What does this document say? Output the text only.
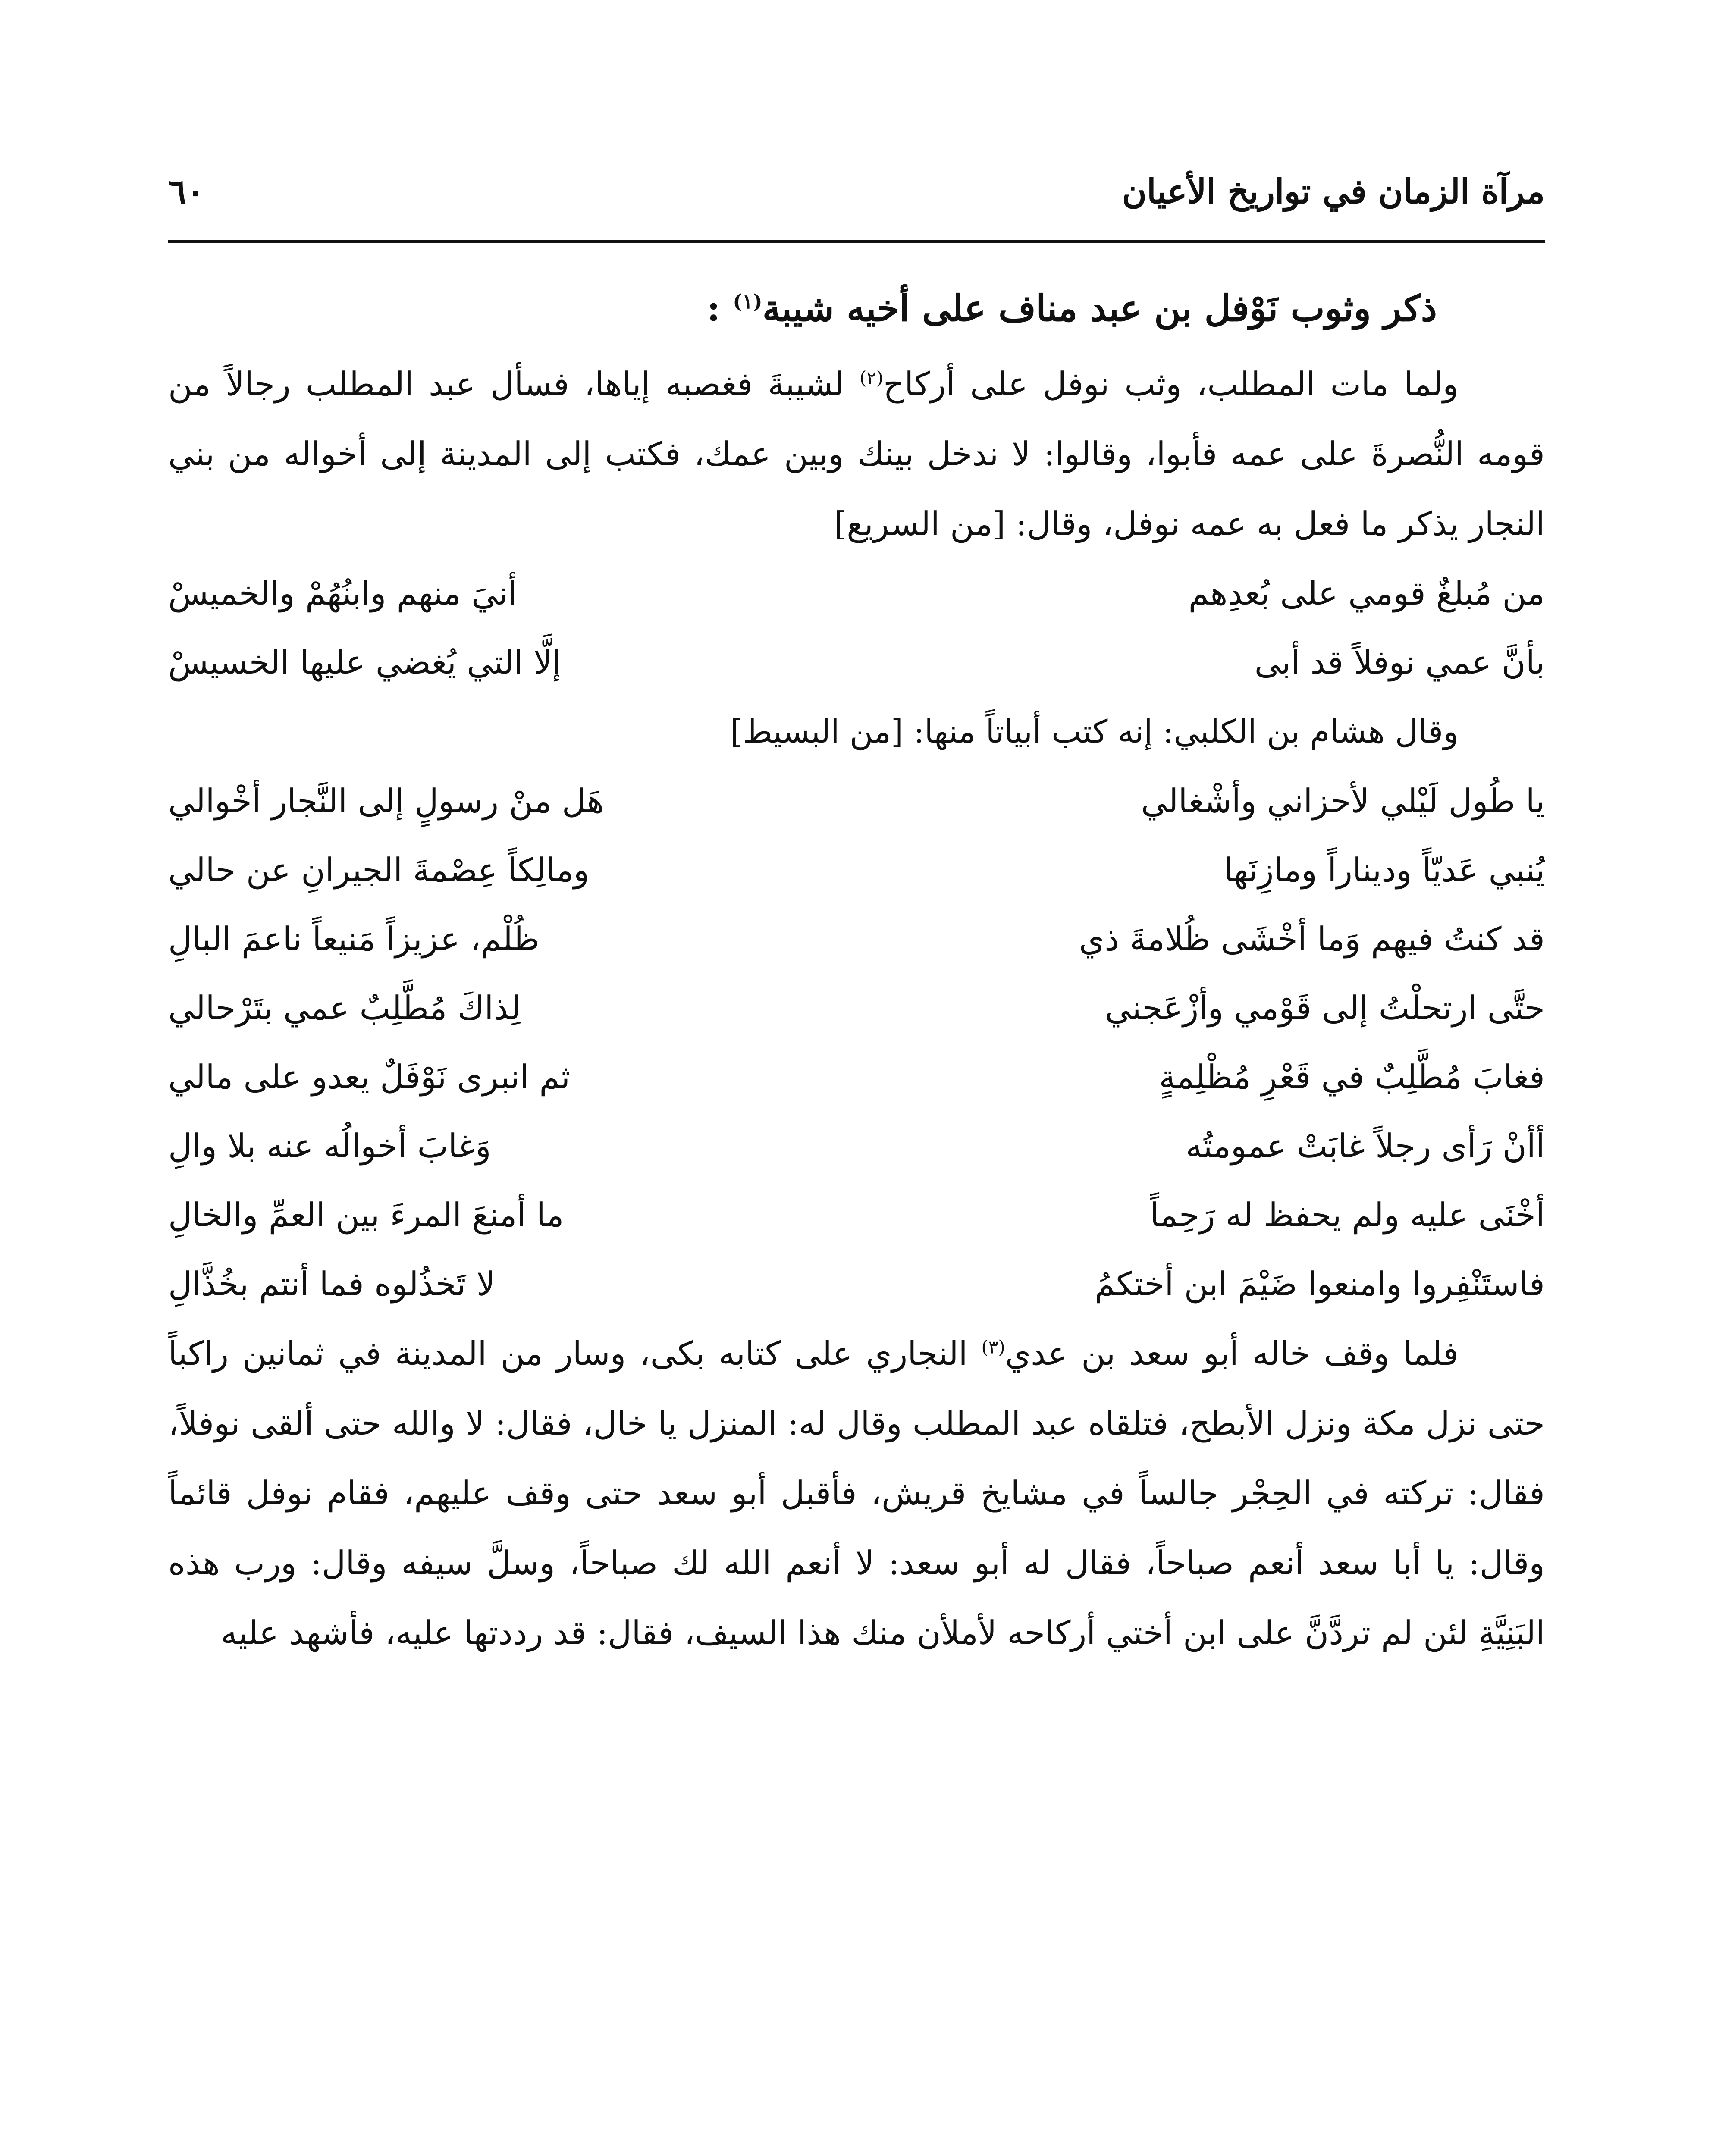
مرآة الزمان في تواريخ الأعيان
٦٠
ذكر وثوب نَوْفل بن عبد مناف على أخيه شيبة$^{(١)}$ :

ولما مات المطلب، وثب نوفل على أركاح$^{(٢)}$ لشيبةَ فغصبه إياها، فسأل عبد المطلب رجالاً من قومه النُّصرةَ على عمه فأبوا، وقالوا: لا ندخل بينك وبين عمك، فكتب إلى المدينة إلى أخواله من بني النجار يذكر ما فعل به عمه نوفل، وقال: [من السريع]

من مُبلغٌ قومي على بُعدِهم
أنيَ منهم وابنُهُمْ والخميسْ
بأنَّ عمي نوفلاً قد أبى
إلَّا التي يُغضي عليها الخسيسْ

وقال هشام بن الكلبي: إنه كتب أبياتاً منها: [من البسيط]

يا طُول لَيْلي لأحزاني وأشْغالي
هَل منْ رسولٍ إلى النَّجار أخْوالي
يُنبي عَديّاً وديناراً ومازِنَها
ومالِكاً عِصْمةَ الجيرانِ عن حالي
قد كنتُ فيهم وَما أخْشَى ظُلامةَ ذي
ظُلْم، عزيزاً مَنيعاً ناعمَ البالِ
حتَّى ارتحلْتُ إلى قَوْمي وأزْعَجني
لِذاكَ مُطَّلِبٌ عمي بتَرْحالي
فغابَ مُطَّلِبٌ في قَعْرِ مُظْلِمةٍ
ثم انبرى نَوْفَلٌ يعدو على مالي
أأنْ رَأى رجلاً غابَتْ عمومتُه
وَغابَ أخوالُه عنه بلا والِ
أخْنَى عليه ولم يحفظ له رَحِماً
ما أمنعَ المرءَ بين العمِّ والخالِ
فاستَنْفِروا وامنعوا ضَيْمَ ابن أختكمُ
لا تَخذُلوه فما أنتم بخُذَّالِ

فلما وقف خاله أبو سعد بن عدي$^{(٣)}$ النجاري على كتابه بكى، وسار من المدينة في ثمانين راكباً حتى نزل مكة ونزل الأبطح، فتلقاه عبد المطلب وقال له: المنزل يا خال، فقال: لا والله حتى ألقى نوفلاً، فقال: تركته في الحِجْر جالساً في مشايخ قريش، فأقبل أبو سعد حتى وقف عليهم، فقام نوفل قائماً وقال: يا أبا سعد أنعم صباحاً، فقال له أبو سعد: لا أنعم الله لك صباحاً، وسلَّ سيفه وقال: ورب هذه البَنِيَّةِ لئن لم تردَّنَّ على ابن أختي أركاحه لأملأن منك هذا السيف، فقال: قد رددتها عليه، فأشهد عليه
